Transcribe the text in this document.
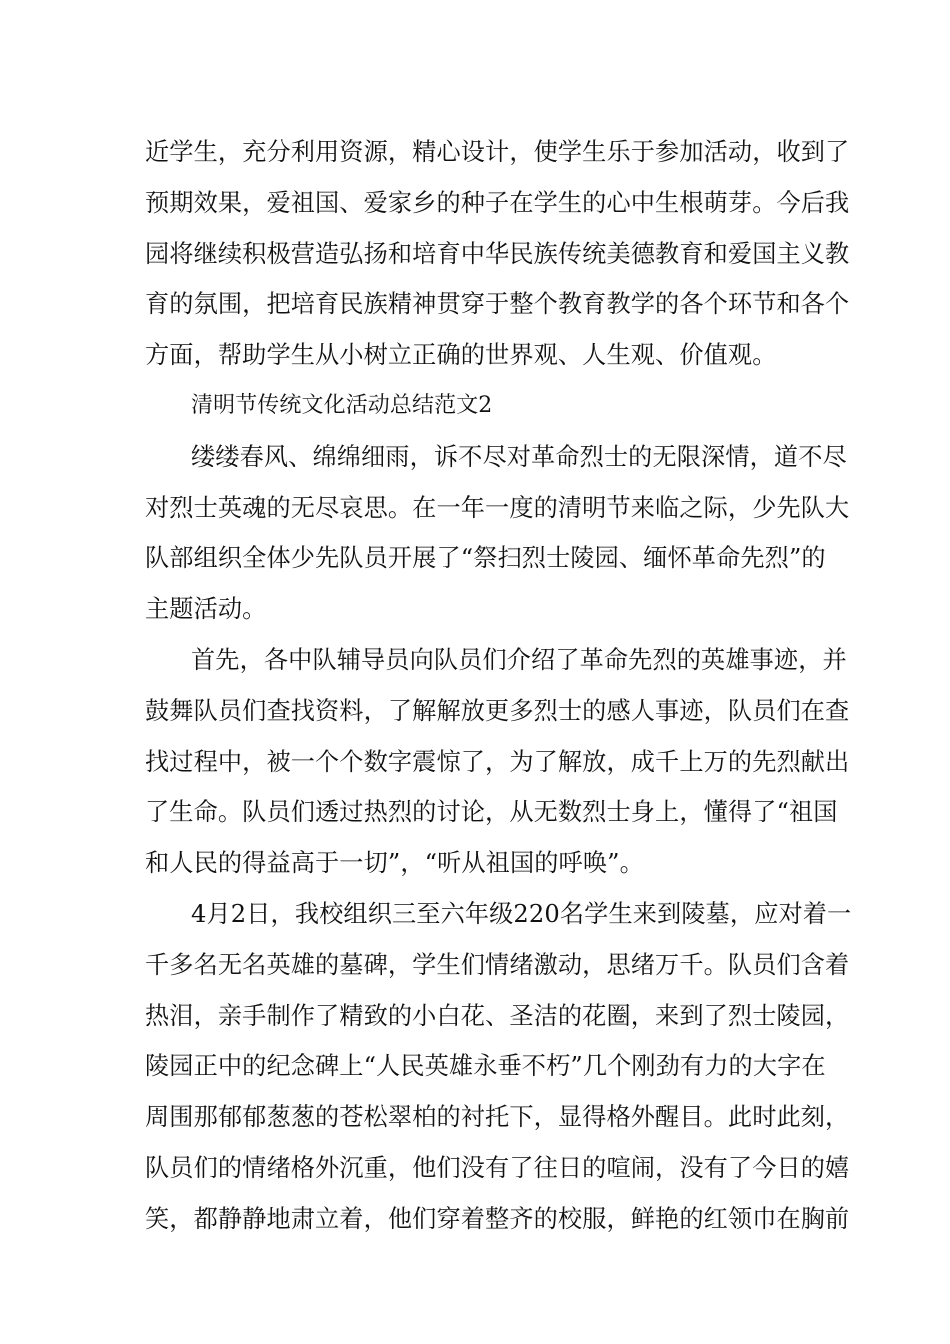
近学生，充分利用资源，精心设计，使学生乐于参加活动，收到了
预期效果，爱祖国、爱家乡的种子在学生的心中生根萌芽。今后我
园将继续积极营造弘扬和培育中华民族传统美德教育和爱国主义教
育的氛围，把培育民族精神贯穿于整个教育教学的各个环节和各个
方面，帮助学生从小树立正确的世界观、人生观、价值观。
清明节传统文化活动总结范文2
缕缕春风、绵绵细雨，诉不尽对革命烈士的无限深情，道不尽
对烈士英魂的无尽哀思。在一年一度的清明节来临之际，少先队大
队部组织全体少先队员开展了“祭扫烈士陵园、缅怀革命先烈”的
主题活动。
首先，各中队辅导员向队员们介绍了革命先烈的英雄事迹，并
鼓舞队员们查找资料，了解解放更多烈士的感人事迹，队员们在查
找过程中，被一个个数字震惊了，为了解放，成千上万的先烈献出
了生命。队员们透过热烈的讨论，从无数烈士身上，懂得了“祖国
和人民的得益高于一切”，“听从祖国的呼唤”。
4月2日，我校组织三至六年级220名学生来到陵墓，应对着一
千多名无名英雄的墓碑，学生们情绪激动，思绪万千。队员们含着
热泪，亲手制作了精致的小白花、圣洁的花圈，来到了烈士陵园，
陵园正中的纪念碑上“人民英雄永垂不朽”几个刚劲有力的大字在
周围那郁郁葱葱的苍松翠柏的衬托下，显得格外醒目。此时此刻，
队员们的情绪格外沉重，他们没有了往日的喧闹，没有了今日的嬉
笑，都静静地肃立着，他们穿着整齐的校服，鲜艳的红领巾在胸前
